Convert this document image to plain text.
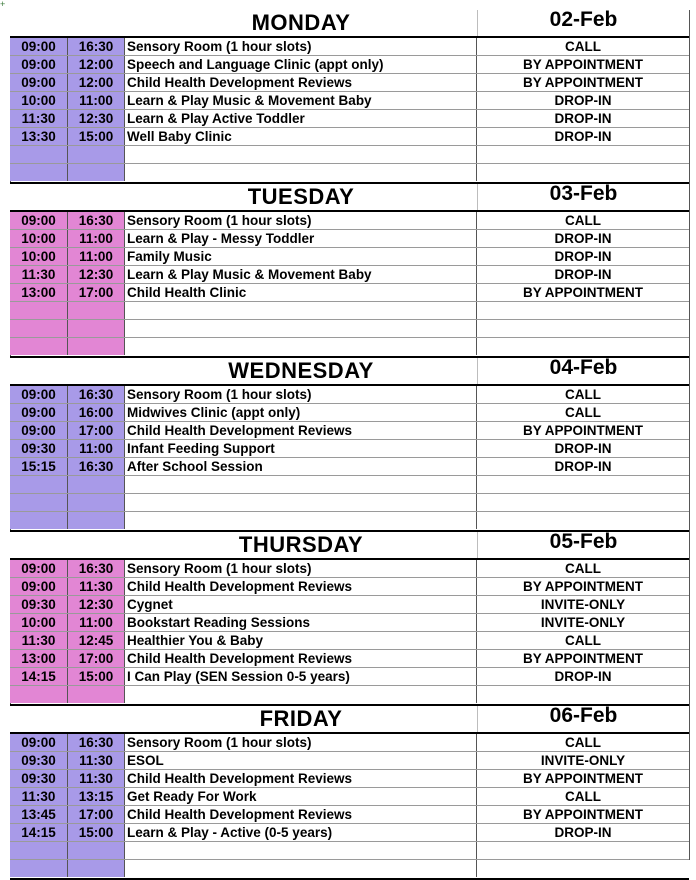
+
MONDAY	02-Feb
09:00	16:30	Sensory Room (1 hour slots)	CALL
09:00	12:00	Speech and Language Clinic (appt only)	BY APPOINTMENT
09:00	12:00	Child Health Development Reviews	BY APPOINTMENT
10:00	11:00	Learn & Play Music & Movement Baby	DROP-IN
11:30	12:30	Learn & Play Active Toddler	DROP-IN
13:30	15:00	Well Baby Clinic	DROP-IN
TUESDAY	03-Feb
09:00	16:30	Sensory Room (1 hour slots)	CALL
10:00	11:00	Learn & Play - Messy Toddler	DROP-IN
10:00	11:00	Family Music	DROP-IN
11:30	12:30	Learn & Play Music & Movement Baby	DROP-IN
13:00	17:00	Child Health Clinic	BY APPOINTMENT
WEDNESDAY	04-Feb
09:00	16:30	Sensory Room (1 hour slots)	CALL
09:00	16:00	Midwives Clinic (appt only)	CALL
09:00	17:00	Child Health Development Reviews	BY APPOINTMENT
09:30	11:00	Infant Feeding Support	DROP-IN
15:15	16:30	After School Session	DROP-IN
THURSDAY	05-Feb
09:00	16:30	Sensory Room (1 hour slots)	CALL
09:00	11:30	Child Health Development Reviews	BY APPOINTMENT
09:30	12:30	Cygnet	INVITE-ONLY
10:00	11:00	Bookstart Reading Sessions	INVITE-ONLY
11:30	12:45	Healthier You & Baby	CALL
13:00	17:00	Child Health Development Reviews	BY APPOINTMENT
14:15	15:00	I Can Play (SEN Session 0-5 years)	DROP-IN
FRIDAY	06-Feb
09:00	16:30	Sensory Room (1 hour slots)	CALL
09:30	11:30	ESOL	INVITE-ONLY
09:30	11:30	Child Health Development Reviews	BY APPOINTMENT
11:30	13:15	Get Ready For Work	CALL
13:45	17:00	Child Health Development Reviews	BY APPOINTMENT
14:15	15:00	Learn & Play - Active (0-5 years)	DROP-IN
